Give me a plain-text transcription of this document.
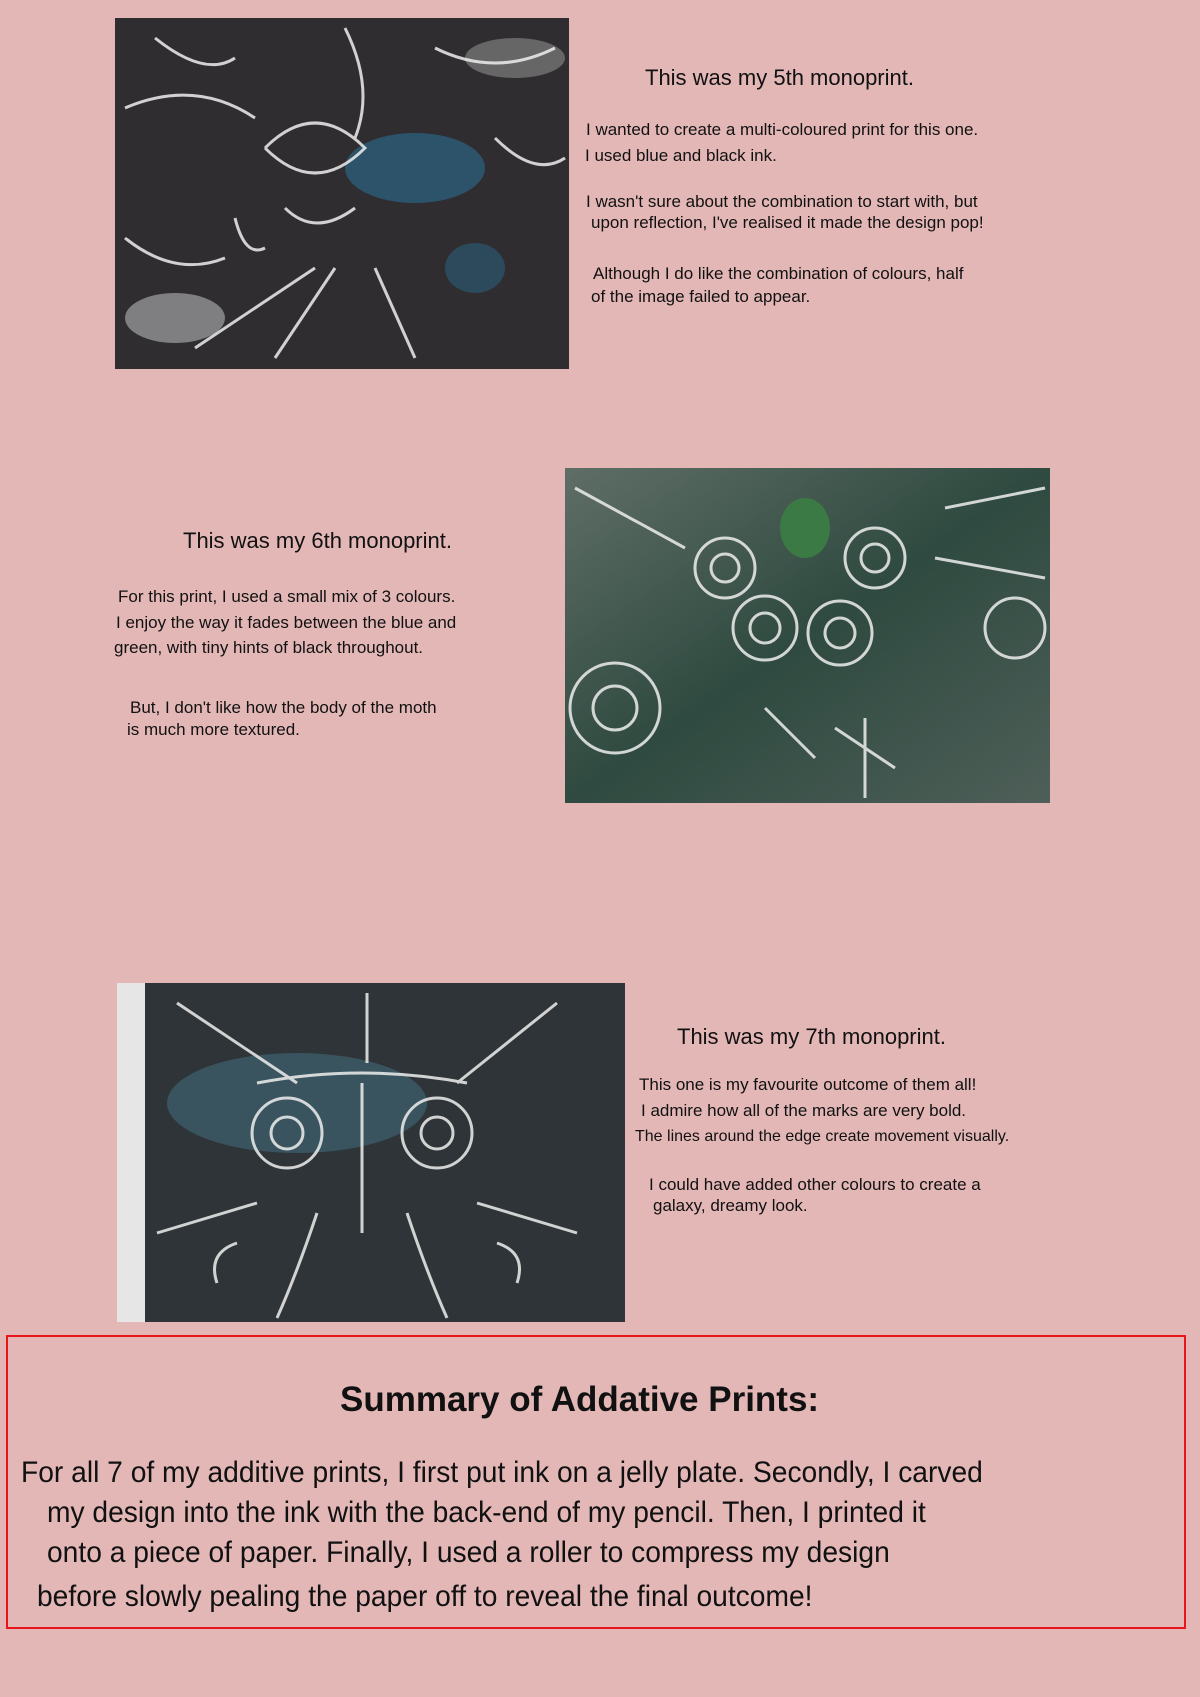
This was my 5th monoprint.
I wanted to create a multi-coloured print for this one.
I used blue and black ink.
I wasn't sure about the combination to start with, but
upon reflection, I've realised it made the design pop!
Although I do like the combination of colours, half
of the image failed to appear.
This was my 6th monoprint.
For this print, I used a small mix of 3 colours.
I enjoy the way it fades between the blue and
green, with tiny hints of black throughout.
But, I don't like how the body of the moth
is much more textured.
This was my 7th monoprint.
This one is my favourite outcome of them all!
I admire how all of the marks are very bold.
The lines around the edge create movement visually.
I could have added other colours to create a
galaxy, dreamy look.
Summary of Addative Prints:
For all 7 of my additive prints, I first put ink on a jelly plate. Secondly, I carved
my design into the ink with the back-end of my pencil. Then, I printed it
onto a piece of paper. Finally, I used a roller to compress my design
before slowly pealing the paper off to reveal the final outcome!
